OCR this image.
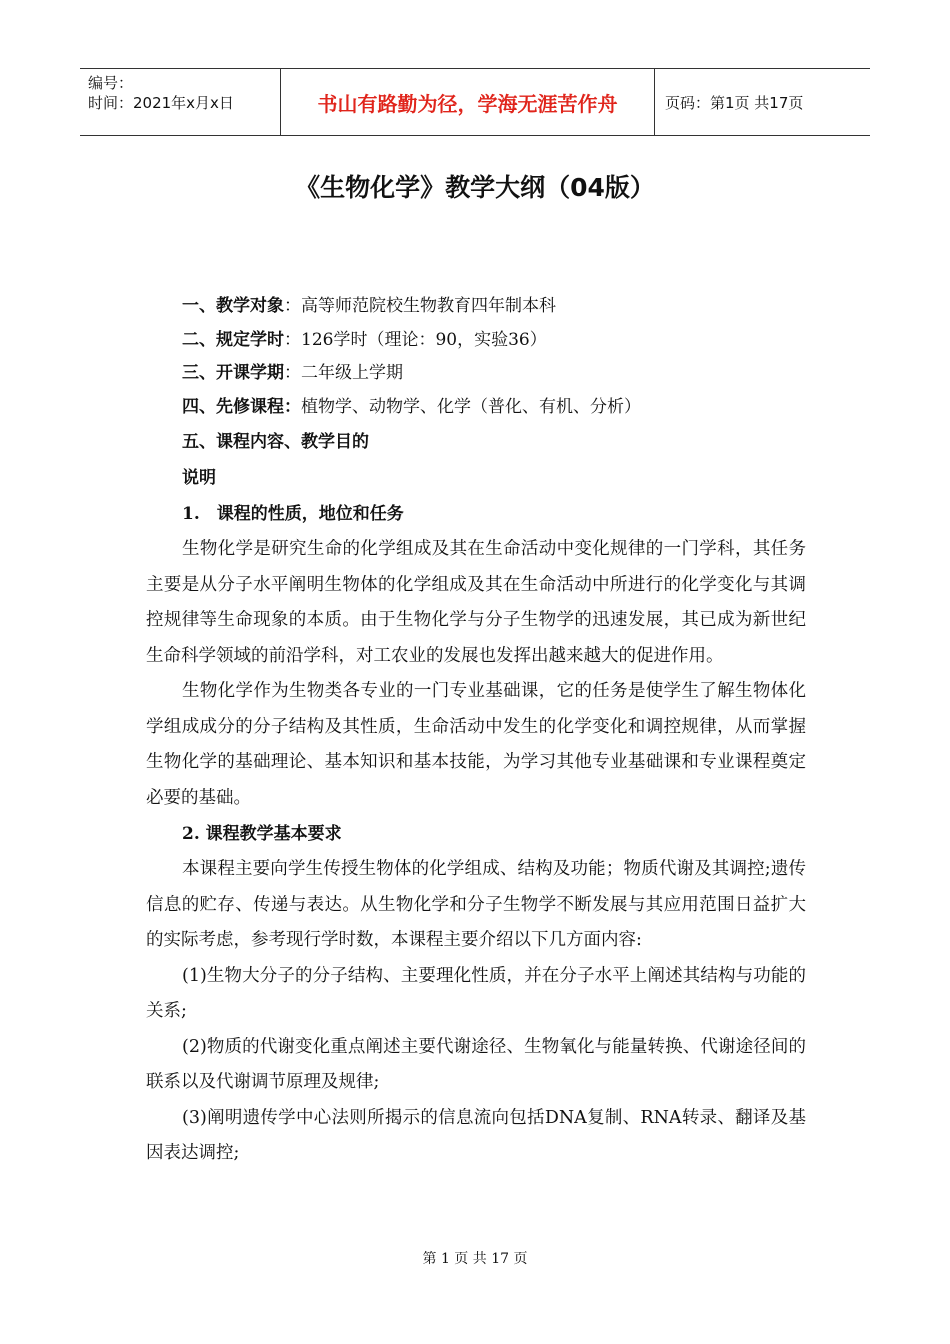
编号：
时间：2021年x月x日	书山有路勤为径，学海无涯苦作舟	页码：第1页 共17页
《生物化学》教学大纲（04版）
一、教学对象：高等师范院校生物教育四年制本科
二、规定学时：126学时（理论：90，实验36）
三、开课学期：二年级上学期
四、先修课程：植物学、动物学、化学（普化、有机、分析）
五、课程内容、教学目的
说明
1.　课程的性质，地位和任务

生物化学是研究生命的化学组成及其在生命活动中变化规律的一门学科，其任务主要是从分子水平阐明生物体的化学组成及其在生命活动中所进行的化学变化与其调控规律等生命现象的本质。由于生物化学与分子生物学的迅速发展，其已成为新世纪生命科学领域的前沿学科，对工农业的发展也发挥出越来越大的促进作用。

生物化学作为生物类各专业的一门专业基础课，它的任务是使学生了解生物体化学组成成分的分子结构及其性质，生命活动中发生的化学变化和调控规律，从而掌握生物化学的基础理论、基本知识和基本技能，为学习其他专业基础课和专业课程奠定必要的基础。

2. 课程教学基本要求

本课程主要向学生传授生物体的化学组成、结构及功能；物质代谢及其调控;遗传信息的贮存、传递与表达。从生物化学和分子生物学不断发展与其应用范围日益扩大的实际考虑，参考现行学时数，本课程主要介绍以下几方面内容:

(1)生物大分子的分子结构、主要理化性质，并在分子水平上阐述其结构与功能的关系;

(2)物质的代谢变化重点阐述主要代谢途径、生物氧化与能量转换、代谢途径间的联系以及代谢调节原理及规律;

(3)阐明遗传学中心法则所揭示的信息流向包括DNA复制、RNA转录、翻译及基因表达调控;

第 1 页 共 17 页
